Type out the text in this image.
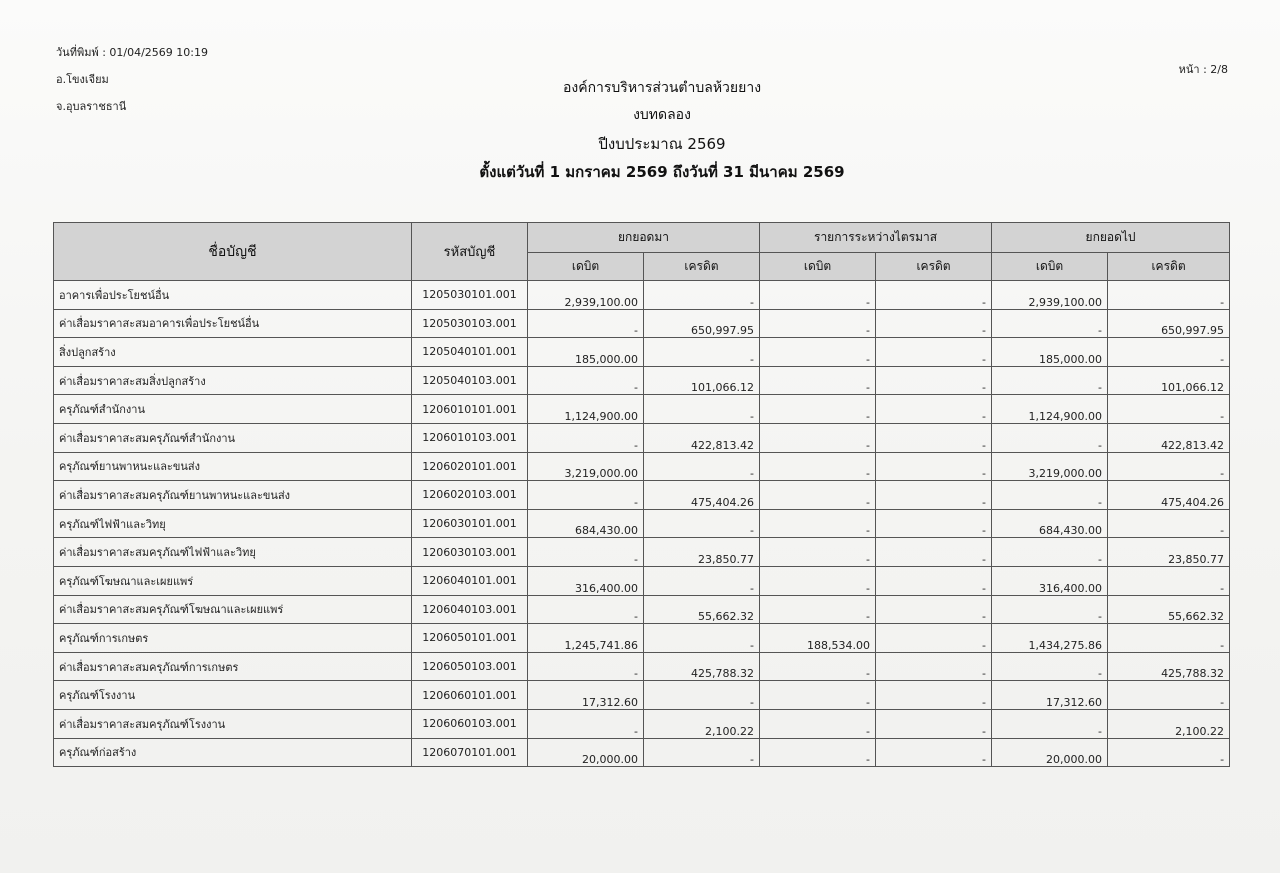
วันที่พิมพ์ : 01/04/2569 10:19
อ.โขงเจียม
จ.อุบลราชธานี
หน้า : 2/8
องค์การบริหารส่วนตำบลห้วยยาง
งบทดลอง
ปีงบประมาณ 2569
ตั้งแต่วันที่ 1 มกราคม 2569 ถึงวันที่ 31 มีนาคม 2569
ชื่อบัญชี	รหัสบัญชี	ยกยอดมา		รายการระหว่างไตรมาส		ยกยอดไป	
		เดบิต	เครดิต	เดบิต	เครดิต	เดบิต	เครดิต
อาคารเพื่อประโยชน์อื่น	1205030101.001	2,939,100.00	-	-	-	2,939,100.00	-
ค่าเสื่อมราคาสะสมอาคารเพื่อประโยชน์อื่น	1205030103.001	-	650,997.95	-	-	-	650,997.95
สิ่งปลูกสร้าง	1205040101.001	185,000.00	-	-	-	185,000.00	-
ค่าเสื่อมราคาสะสมสิ่งปลูกสร้าง	1205040103.001	-	101,066.12	-	-	-	101,066.12
ครุภัณฑ์สำนักงาน	1206010101.001	1,124,900.00	-	-	-	1,124,900.00	-
ค่าเสื่อมราคาสะสมครุภัณฑ์สำนักงาน	1206010103.001	-	422,813.42	-	-	-	422,813.42
ครุภัณฑ์ยานพาหนะและขนส่ง	1206020101.001	3,219,000.00	-	-	-	3,219,000.00	-
ค่าเสื่อมราคาสะสมครุภัณฑ์ยานพาหนะและขนส่ง	1206020103.001	-	475,404.26	-	-	-	475,404.26
ครุภัณฑ์ไฟฟ้าและวิทยุ	1206030101.001	684,430.00	-	-	-	684,430.00	-
ค่าเสื่อมราคาสะสมครุภัณฑ์ไฟฟ้าและวิทยุ	1206030103.001	-	23,850.77	-	-	-	23,850.77
ครุภัณฑ์โฆษณาและเผยแพร่	1206040101.001	316,400.00	-	-	-	316,400.00	-
ค่าเสื่อมราคาสะสมครุภัณฑ์โฆษณาและเผยแพร่	1206040103.001	-	55,662.32	-	-	-	55,662.32
ครุภัณฑ์การเกษตร	1206050101.001	1,245,741.86	-	188,534.00	-	1,434,275.86	-
ค่าเสื่อมราคาสะสมครุภัณฑ์การเกษตร	1206050103.001	-	425,788.32	-	-	-	425,788.32
ครุภัณฑ์โรงงาน	1206060101.001	17,312.60	-	-	-	17,312.60	-
ค่าเสื่อมราคาสะสมครุภัณฑ์โรงงาน	1206060103.001	-	2,100.22	-	-	-	2,100.22
ครุภัณฑ์ก่อสร้าง	1206070101.001	20,000.00	-	-	-	20,000.00	-
